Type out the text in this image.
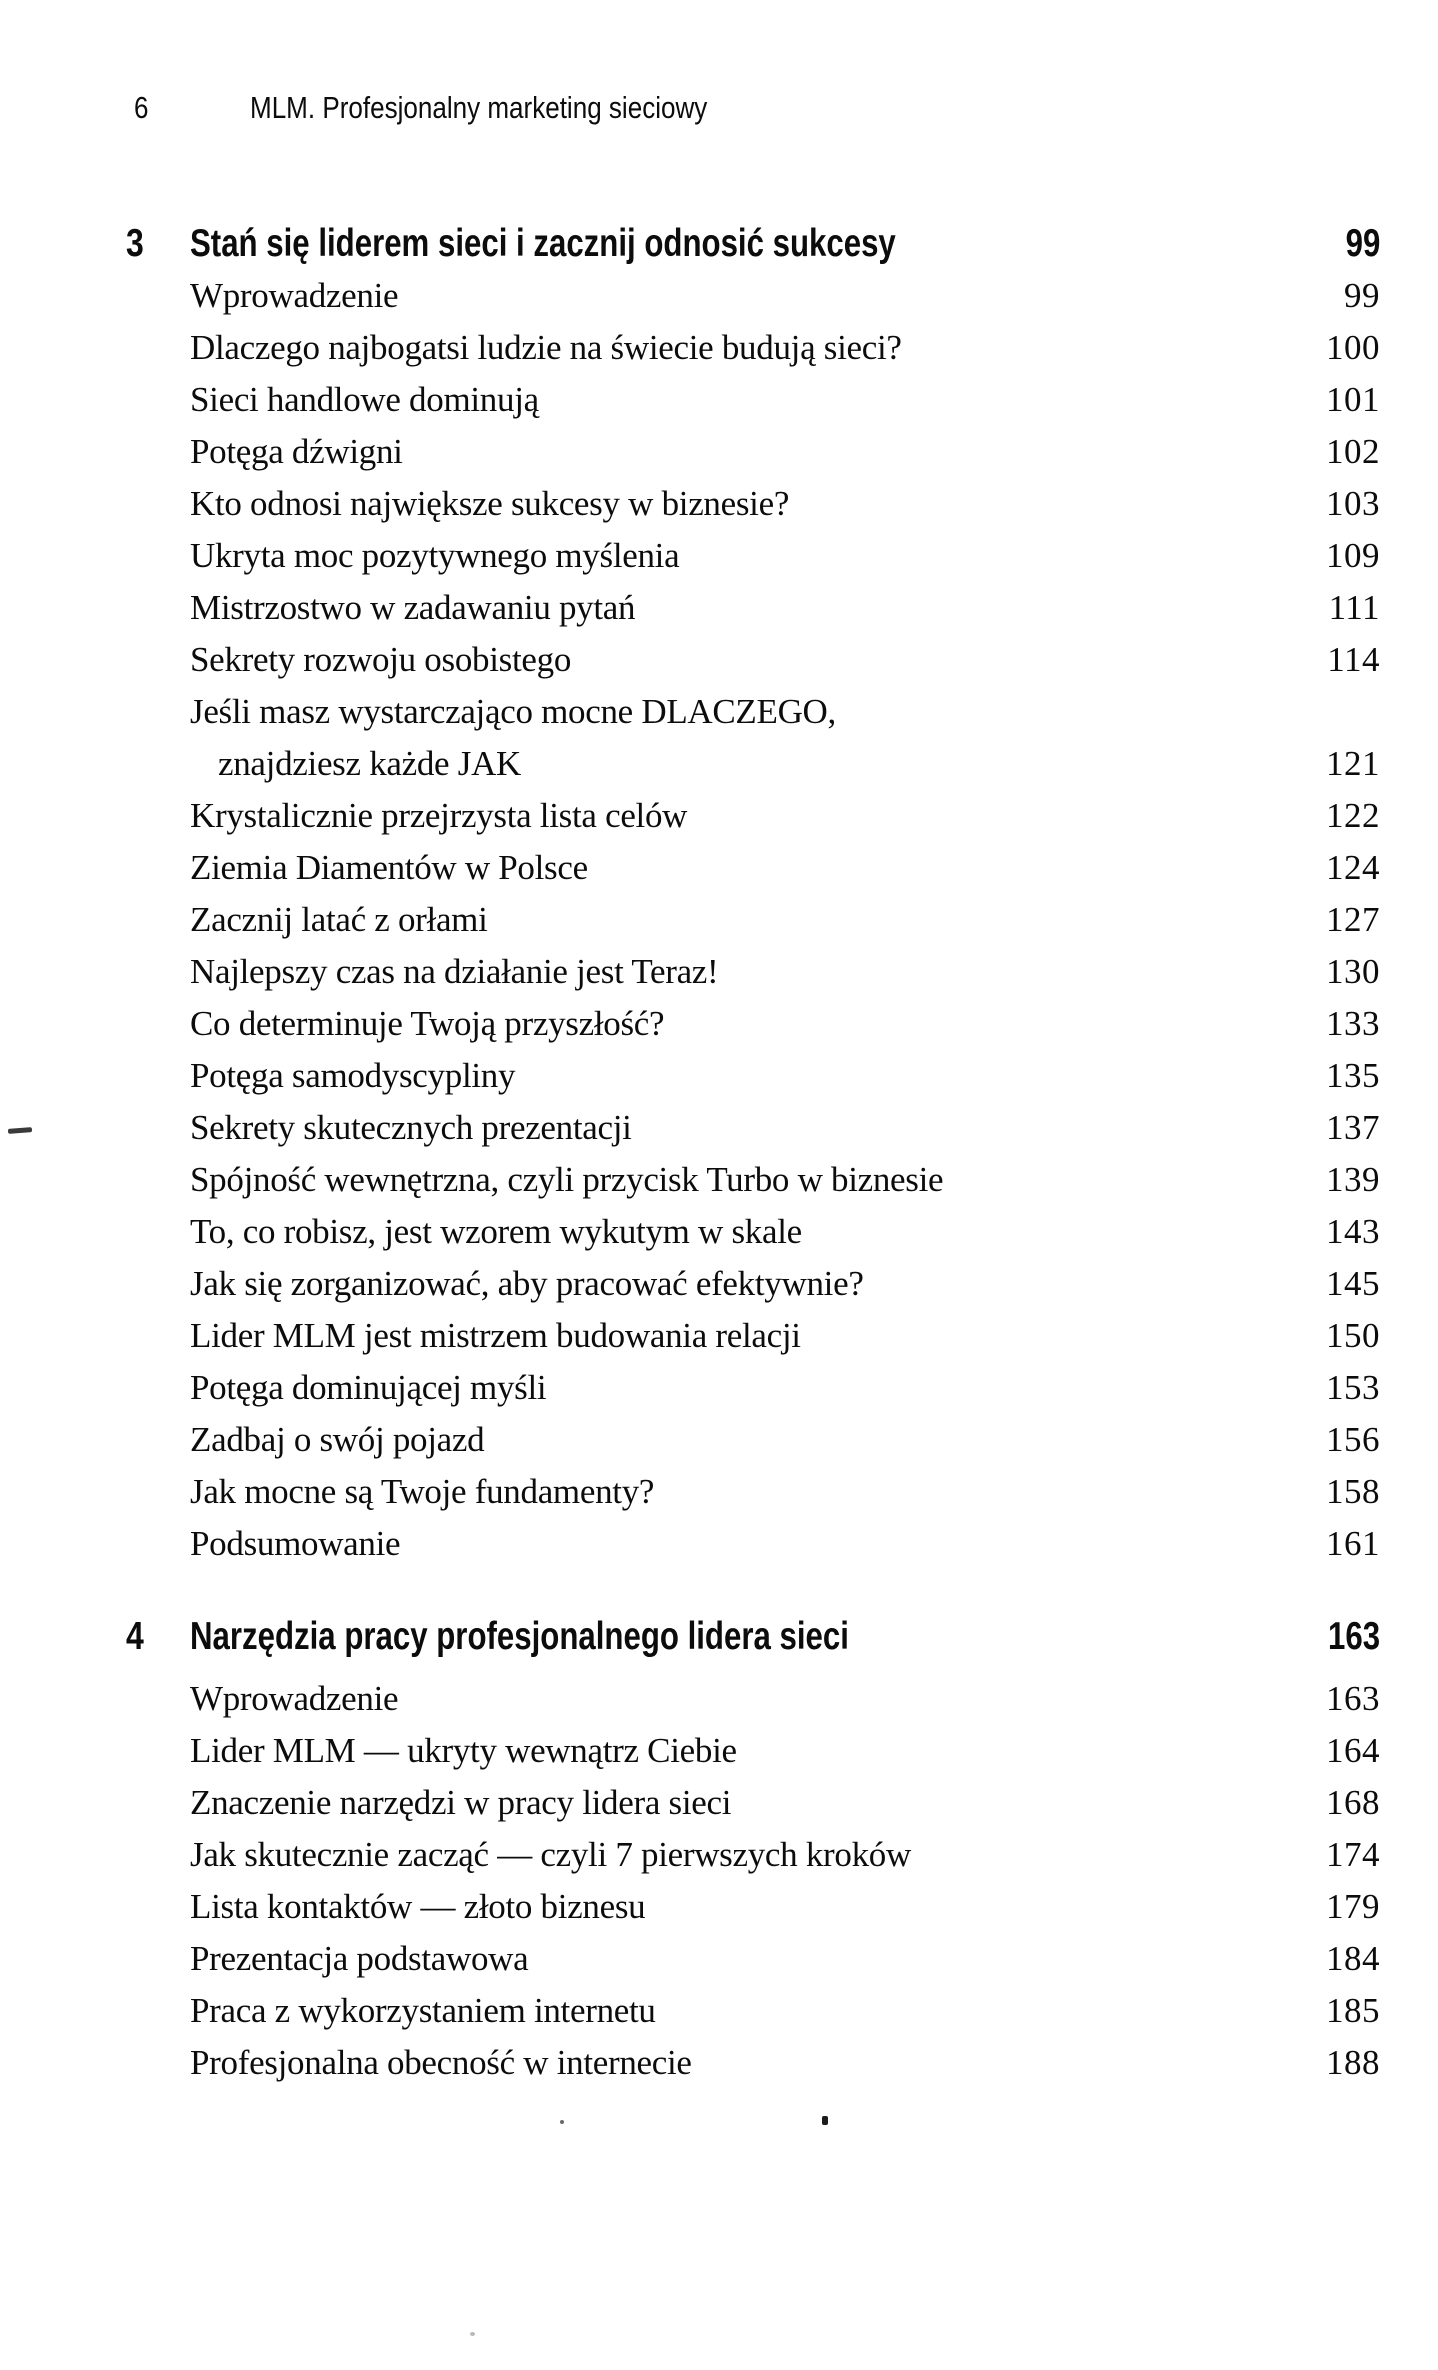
6	MLM. Profesjonalny marketing sieciowy
3 Stań się liderem sieci i zacznij odnosić sukcesy	99
Wprowadzenie	99
Dlaczego najbogatsi ludzie na świecie budują sieci?	100
Sieci handlowe dominują	101
Potęga dźwigni	102
Kto odnosi największe sukcesy w biznesie?	103
Ukryta moc pozytywnego myślenia	109
Mistrzostwo w zadawaniu pytań	111
Sekrety rozwoju osobistego	114
Jeśli masz wystarczająco mocne DLACZEGO,
znajdziesz każde JAK	121
Krystalicznie przejrzysta lista celów	122
Ziemia Diamentów w Polsce	124
Zacznij latać z orłami	127
Najlepszy czas na działanie jest Teraz!	130
Co determinuje Twoją przyszłość?	133
Potęga samodyscypliny	135
Sekrety skutecznych prezentacji	137
Spójność wewnętrzna, czyli przycisk Turbo w biznesie	139
To, co robisz, jest wzorem wykutym w skale	143
Jak się zorganizować, aby pracować efektywnie?	145
Lider MLM jest mistrzem budowania relacji	150
Potęga dominującej myśli	153
Zadbaj o swój pojazd	156
Jak mocne są Twoje fundamenty?	158
Podsumowanie	161
4 Narzędzia pracy profesjonalnego lidera sieci	163
Wprowadzenie	163
Lider MLM — ukryty wewnątrz Ciebie	164
Znaczenie narzędzi w pracy lidera sieci	168
Jak skutecznie zacząć — czyli 7 pierwszych kroków	174
Lista kontaktów — złoto biznesu	179
Prezentacja podstawowa	184
Praca z wykorzystaniem internetu	185
Profesjonalna obecność w internecie	188
